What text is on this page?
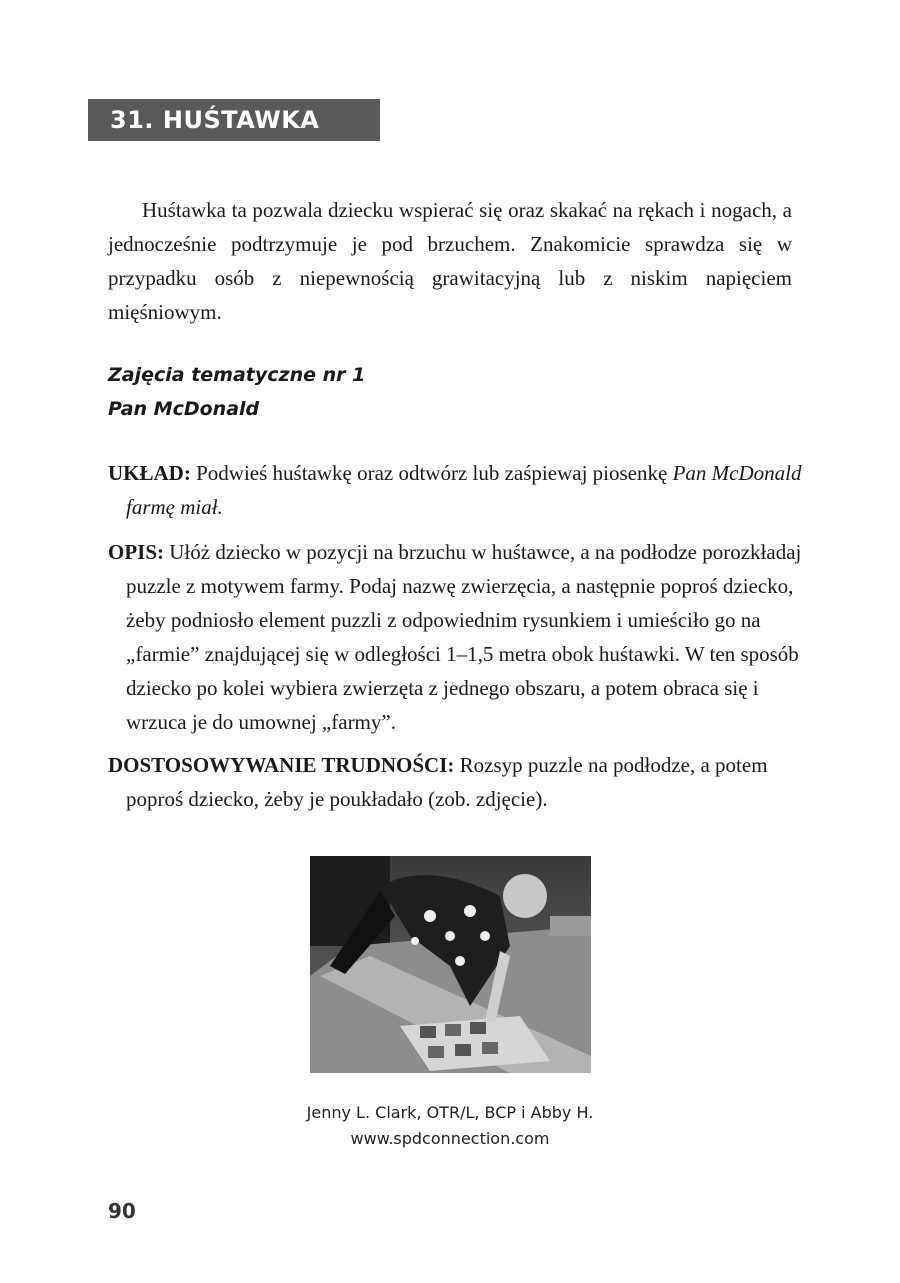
31. HUŚTAWKA ŻABKA

Huśtawka ta pozwala dziecku wspierać się oraz skakać na rękach i nogach, a jednocześnie podtrzymuje je pod brzuchem. Znakomicie sprawdza się w przypadku osób z niepewnością grawitacyjną lub z niskim napięciem mięśniowym.

Zajęcia tematyczne nr 1
Pan McDonald

UKŁAD: Podwieś huśtawkę oraz odtwórz lub zaśpiewaj piosenkę Pan McDonald farmę miał.

OPIS: Ułóż dziecko w pozycji na brzuchu w huśtawce, a na podłodze porozkładaj puzzle z motywem farmy. Podaj nazwę zwierzęcia, a następnie poproś dziecko, żeby podniosło element puzzli z odpowiednim rysunkiem i umieściło go na „farmie” znajdującej się w odległości 1–1,5 metra obok huśtawki. W ten sposób dziecko po kolei wybiera zwierzęta z jednego obszaru, a potem obraca się i wrzuca je do umownej „farmy”.

DOSTOSOWYWANIE TRUDNOŚCI: Rozsyp puzzle na podłodze, a potem poproś dziecko, żeby je poukładało (zob. zdjęcie).

Jenny L. Clark, OTR/L, BCP i Abby H.
www.spdconnection.com
90
